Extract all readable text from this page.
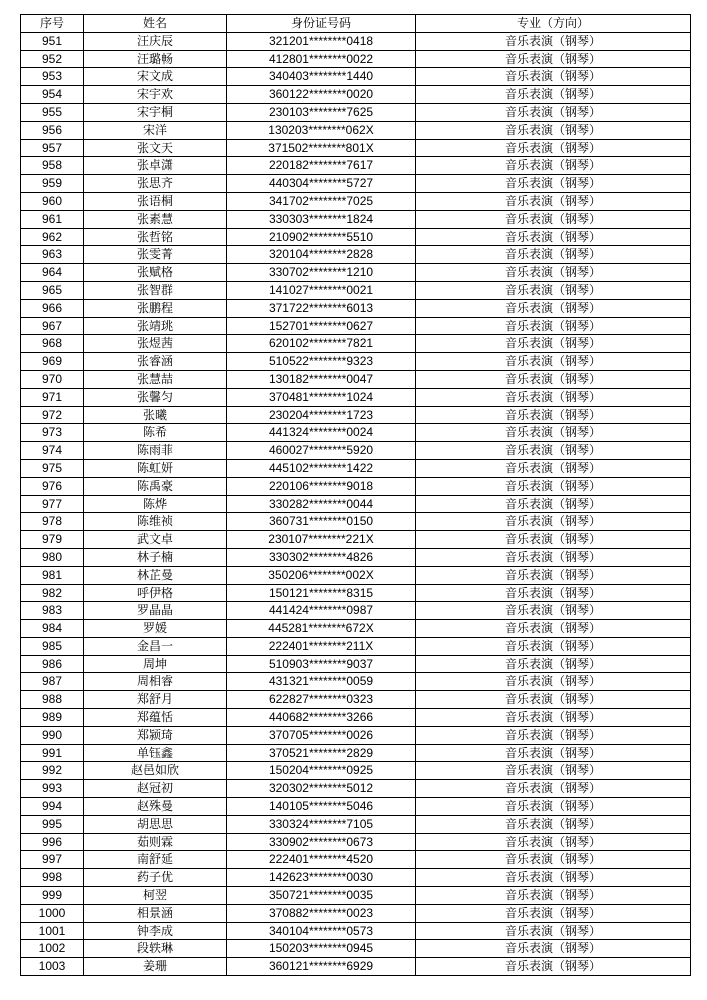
序号	姓名	身份证号码	专业（方向）
951	汪庆辰	321201********0418	音乐表演（钢琴）
952	汪璐畅	412801********0022	音乐表演（钢琴）
953	宋文成	340403********1440	音乐表演（钢琴）
954	宋宇欢	360122********0020	音乐表演（钢琴）
955	宋宇桐	230103********7625	音乐表演（钢琴）
956	宋洋	130203********062X	音乐表演（钢琴）
957	张文天	371502********801X	音乐表演（钢琴）
958	张卓潇	220182********7617	音乐表演（钢琴）
959	张思齐	440304********5727	音乐表演（钢琴）
960	张语桐	341702********7025	音乐表演（钢琴）
961	张素慧	330303********1824	音乐表演（钢琴）
962	张哲铭	210902********5510	音乐表演（钢琴）
963	张雯菁	320104********2828	音乐表演（钢琴）
964	张赋格	330702********1210	音乐表演（钢琴）
965	张智群	141027********0021	音乐表演（钢琴）
966	张鹏程	371722********6013	音乐表演（钢琴）
967	张靖珧	152701********0627	音乐表演（钢琴）
968	张煜茜	620102********7821	音乐表演（钢琴）
969	张睿涵	510522********9323	音乐表演（钢琴）
970	张慧喆	130182********0047	音乐表演（钢琴）
971	张馨匀	370481********1024	音乐表演（钢琴）
972	张曦	230204********1723	音乐表演（钢琴）
973	陈希	441324********0024	音乐表演（钢琴）
974	陈雨菲	460027********5920	音乐表演（钢琴）
975	陈虹妍	445102********1422	音乐表演（钢琴）
976	陈禹豪	220106********9018	音乐表演（钢琴）
977	陈烨	330282********0044	音乐表演（钢琴）
978	陈维祯	360731********0150	音乐表演（钢琴）
979	武文卓	230107********221X	音乐表演（钢琴）
980	林子楠	330302********4826	音乐表演（钢琴）
981	林芷曼	350206********002X	音乐表演（钢琴）
982	呼伊格	150121********8315	音乐表演（钢琴）
983	罗晶晶	441424********0987	音乐表演（钢琴）
984	罗媛	445281********672X	音乐表演（钢琴）
985	金昌一	222401********211X	音乐表演（钢琴）
986	周坤	510903********9037	音乐表演（钢琴）
987	周相睿	431321********0059	音乐表演（钢琴）
988	郑舒月	622827********0323	音乐表演（钢琴）
989	郑蕴恬	440682********3266	音乐表演（钢琴）
990	郑颍琦	370705********0026	音乐表演（钢琴）
991	单钰鑫	370521********2829	音乐表演（钢琴）
992	赵邑如欣	150204********0925	音乐表演（钢琴）
993	赵冠初	320302********5012	音乐表演（钢琴）
994	赵殊曼	140105********5046	音乐表演（钢琴）
995	胡思思	330324********7105	音乐表演（钢琴）
996	茹则霖	330902********0673	音乐表演（钢琴）
997	南舒延	222401********4520	音乐表演（钢琴）
998	药子优	142623********0030	音乐表演（钢琴）
999	柯翌	350721********0035	音乐表演（钢琴）
1000	相景涵	370882********0023	音乐表演（钢琴）
1001	钟李成	340104********0573	音乐表演（钢琴）
1002	段轶琳	150203********0945	音乐表演（钢琴）
1003	姜珊	360121********6929	音乐表演（钢琴）
